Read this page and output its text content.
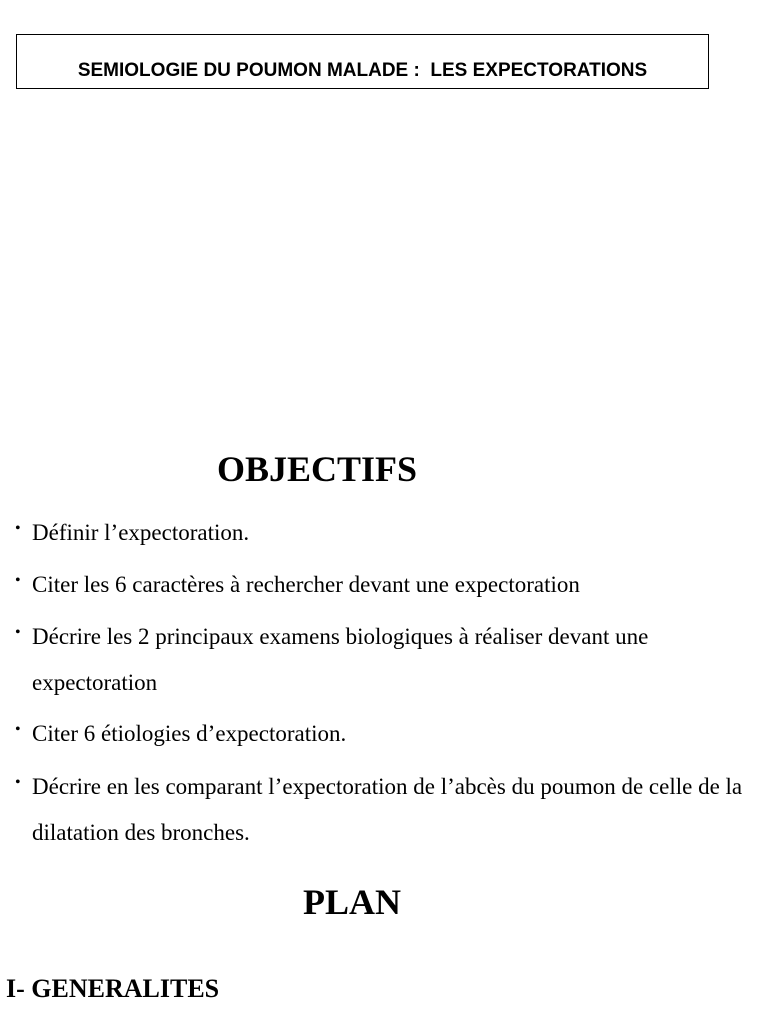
SEMIOLOGIE DU POUMON MALADE :  LES EXPECTORATIONS
OBJECTIFS
• Définir l’expectoration.
• Citer les 6 caractères à rechercher devant une expectoration
• Décrire les 2 principaux examens biologiques à réaliser devant une expectoration
• Citer 6 étiologies d’expectoration.
• Décrire en les comparant l’expectoration de l’abcès du poumon de celle de la dilatation des bronches.
PLAN
I- GENERALITES
